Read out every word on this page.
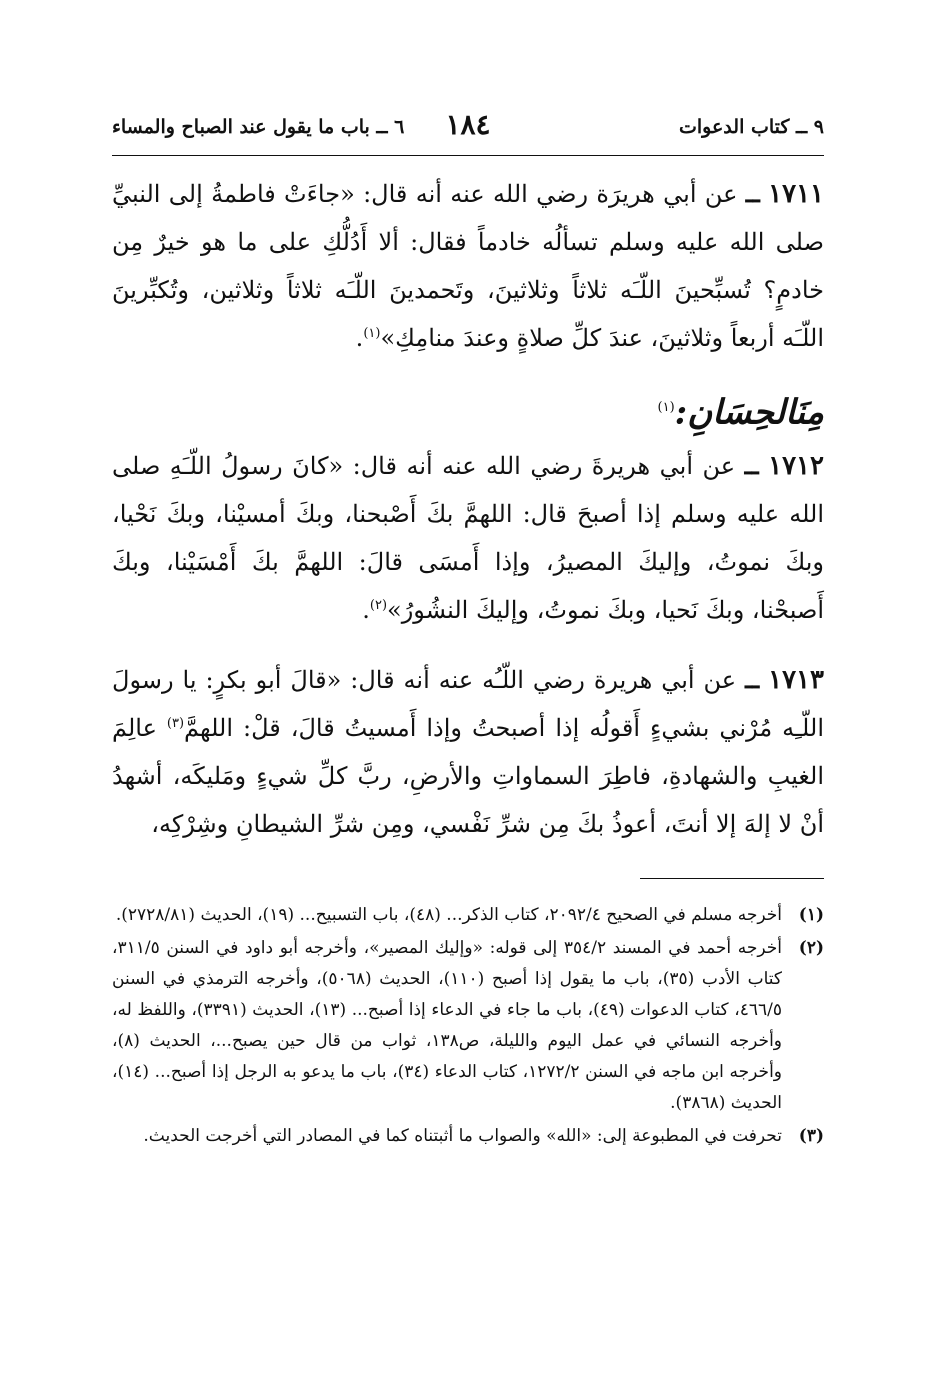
٩ ــ كتاب الدعوات
١٨٤
٦ ــ باب ما يقول عند الصباح والمساء

١٧١١ ــ عن أبي هريرَة رضي الله عنه أنه قال: «جاءَتْ فاطمةُ إلى النبيِّ صلى الله عليه وسلم تسألُه خادماً فقال: ألا أَدُلُّكِ على ما هو خيرٌ مِن خادمٍ؟ تُسبِّحينَ اللّـَه ثلاثاً وثلاثينَ، وتَحمدينَ اللّـَه ثلاثاً وثلاثين، وتُكبِّرينَ اللّـَه أربعاً وثلاثينَ، عندَ كلِّ صلاةٍ وعندَ منامِكِ»$^{(١)}$.

مِنَالحِسَانِ:$^{(١)}$

١٧١٢ ــ عن أبي هريرةَ رضي الله عنه أنه قال: «كانَ رسولُ اللّـَهِ صلى الله عليه وسلم إذا أصبحَ قال: اللهمَّ بكَ أَصْبحنا، وبكَ أمسيْنا، وبكَ نَحْيا، وبكَ نموتُ، وإليكَ المصيرُ، وإذا أَمسَى قالَ: اللهمَّ بكَ أَمْسَيْنا، وبكَ أَصبحْنا، وبكَ نَحيا، وبكَ نموتُ، وإليكَ النشُورُ»$^{(٢)}$.

١٧١٣ ــ عن أبي هريرة رضي اللّـُه عنه أنه قال: «قالَ أبو بكرٍ: يا رسولَ اللّـِه مُرْني بشيءٍ أَقولُه إذا أصبحتُ وإذا أَمسيتُ قالَ، قلْ: اللهمَّ$^{(٣)}$ عالِمَ الغيبِ والشهادةِ، فاطِرَ السماواتِ والأرضِ، ربَّ كلِّ شيءٍ ومَليكَه، أشهدُ أنْ لا إلهَ إلا أنتَ، أعوذُ بكَ مِن شرِّ نَفْسي، ومِن شرِّ الشيطانِ وشِرْكِه،

(١)
أخرجه مسلم في الصحيح ٢٠٩٢/٤، كتاب الذكر... (٤٨)، باب التسبيح... (١٩)، الحديث (٢٧٢٨/٨١).

(٢)
أخرجه أحمد في المسند ٣٥٤/٢ إلى قوله: «وإليك المصير»، وأخرجه أبو داود في السنن ٣١١/٥، كتاب الأدب (٣٥)، باب ما يقول إذا أصبح (١١٠)، الحديث (٥٠٦٨)، وأخرجه الترمذي في السنن ٤٦٦/٥، كتاب الدعوات (٤٩)، باب ما جاء في الدعاء إذا أصبح... (١٣)، الحديث (٣٣٩١)، واللفظ له، وأخرجه النسائي في عمل اليوم والليلة، ص١٣٨، ثواب من قال حين يصبح...، الحديث (٨)، وأخرجه ابن ماجه في السنن ١٢٧٢/٢، كتاب الدعاء (٣٤)، باب ما يدعو به الرجل إذا أصبح... (١٤)، الحديث (٣٨٦٨).

(٣)
تحرفت في المطبوعة إلى: «الله» والصواب ما أثبتناه كما في المصادر التي أخرجت الحديث.
